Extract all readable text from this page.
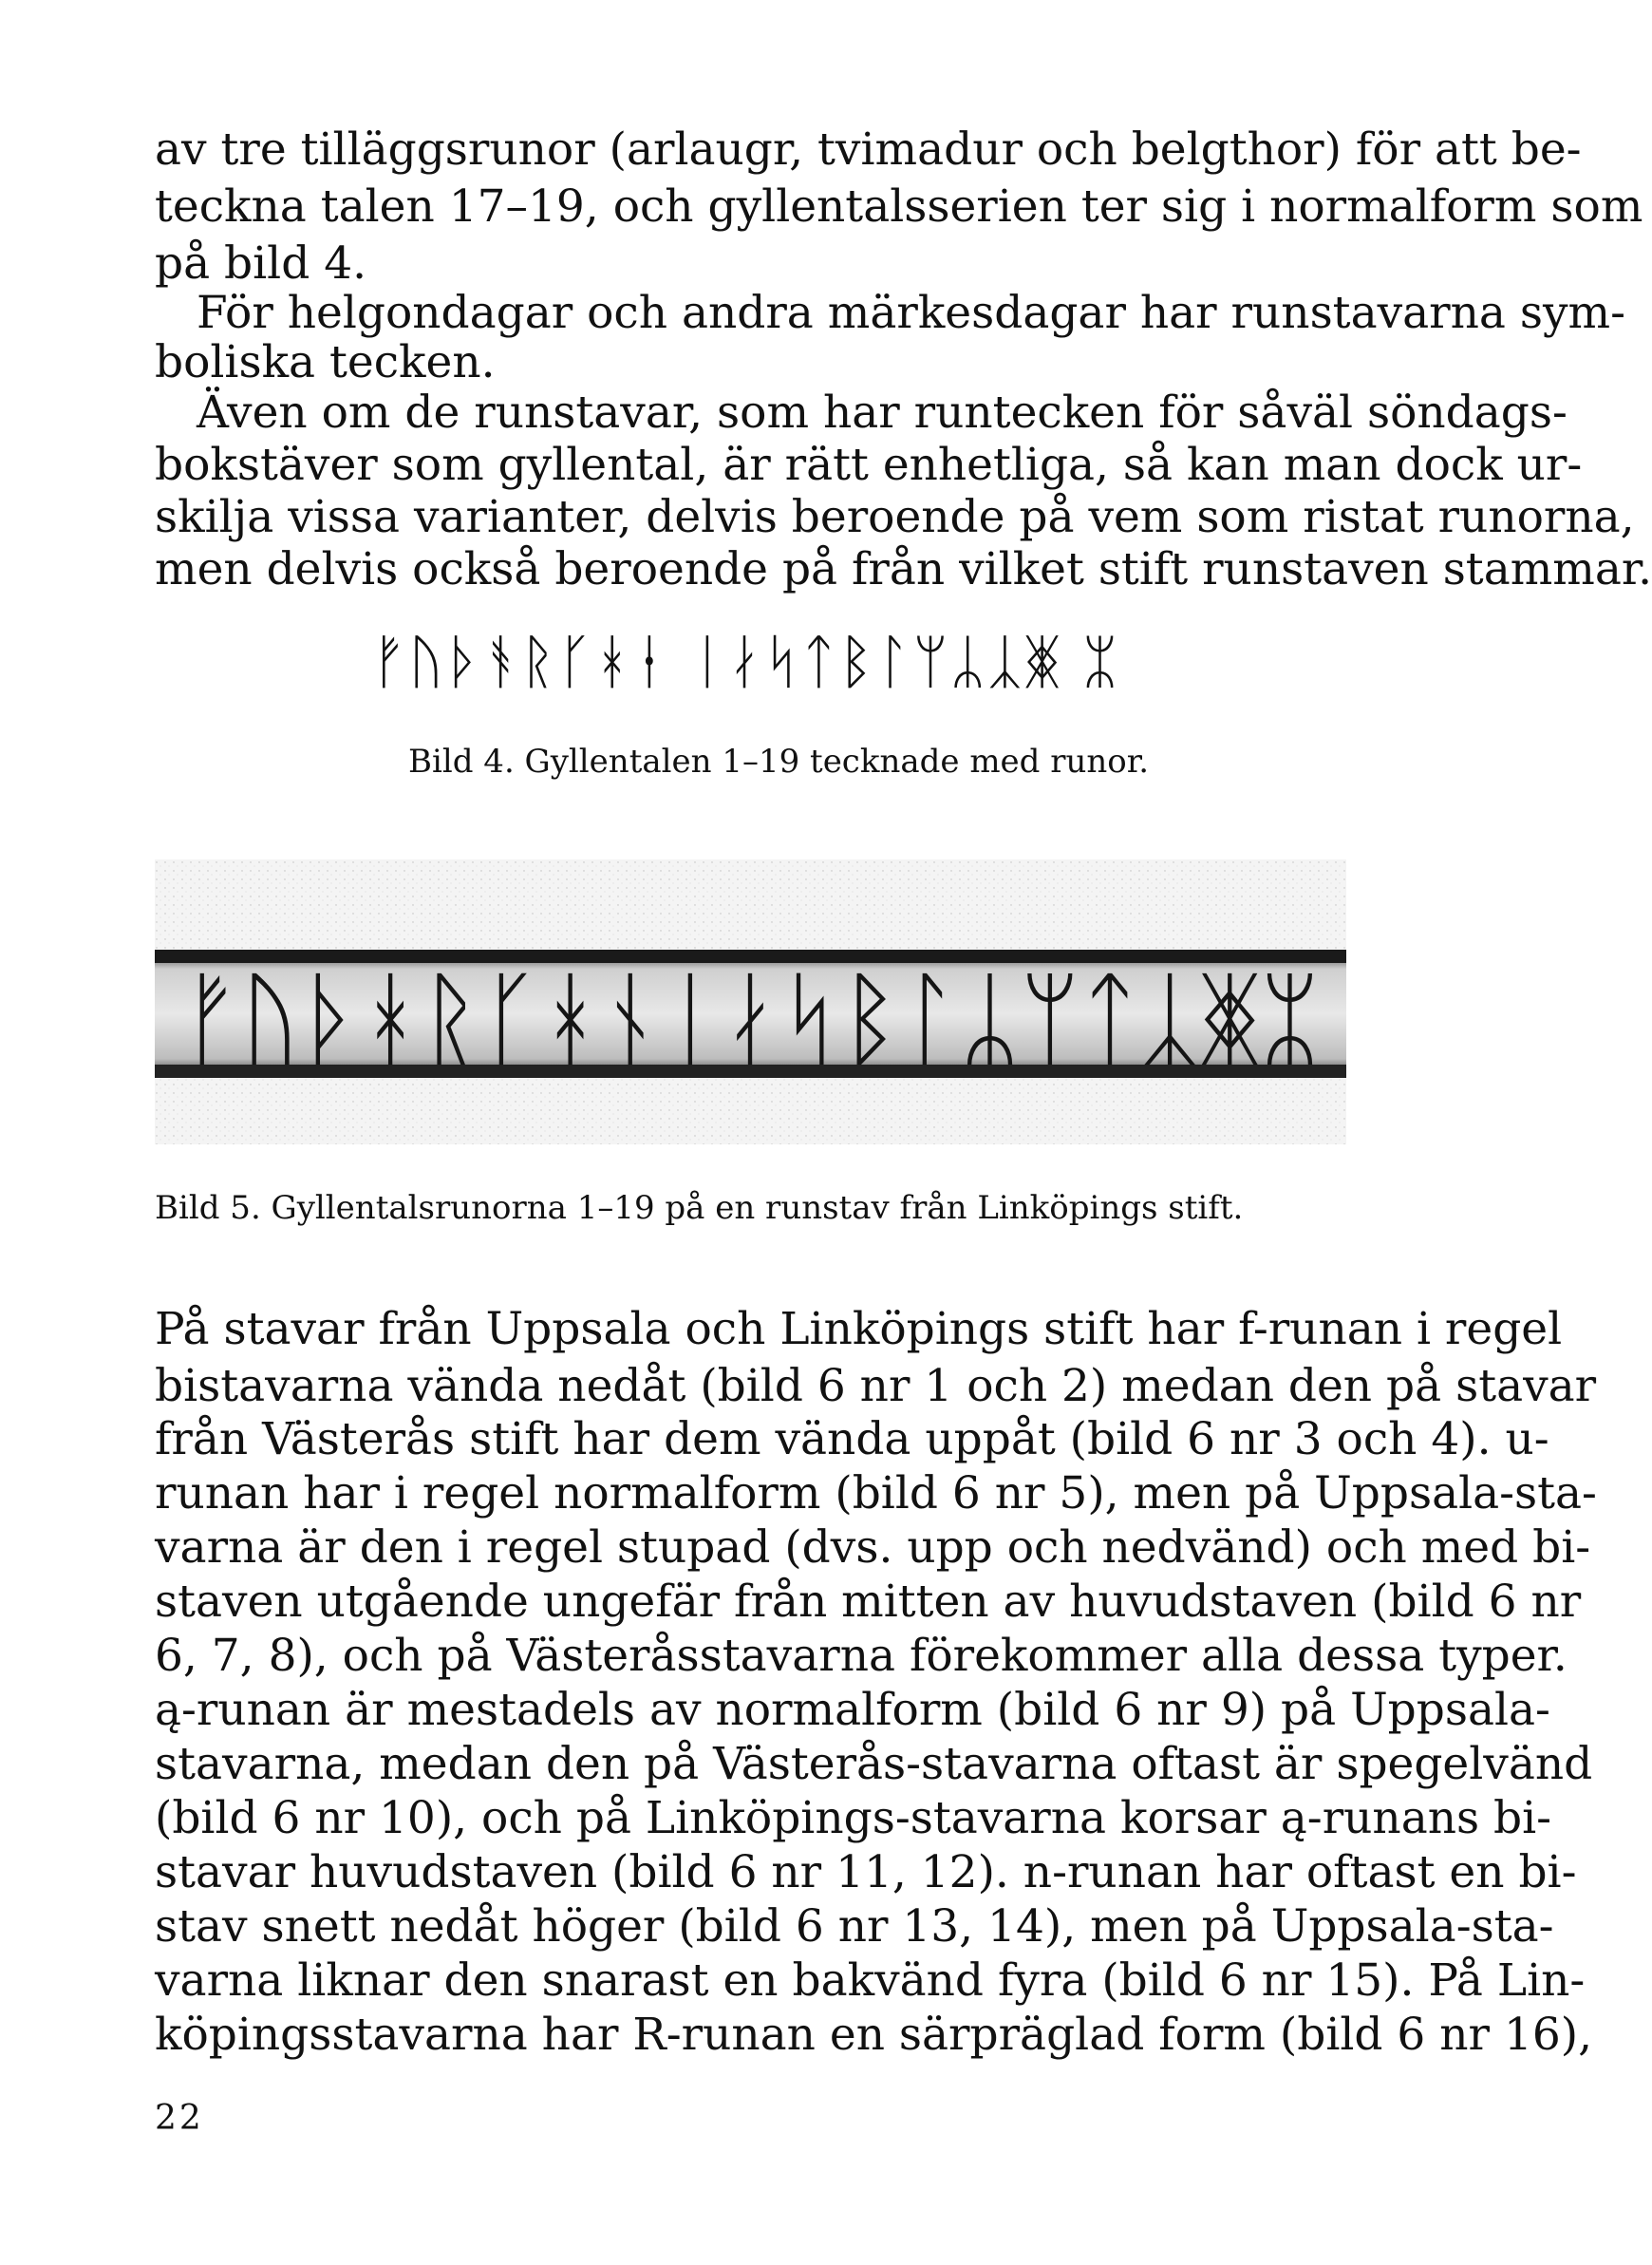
av tre tilläggsrunor (arlaugr, tvimadur och belgthor) för att be-
teckna talen 17–19, och gyllentalsserien ter sig i normalform som
på bild 4.
För helgondagar och andra märkesdagar har runstavarna sym-
boliska tecken.
Även om de runstavar, som har runtecken för såväl söndags-
bokstäver som gyllental, är rätt enhetliga, så kan man dock ur-
skilja vissa varianter, delvis beroende på vem som ristat runorna,
men delvis också beroende på från vilket stift runstaven stammar.
ᚠᚢᚦᚬᚱᚴᚼᚽ ᛁᛅᛋᛏᛒᛚᛘᛦᛣᛤ ᛯ
Bild 4. Gyllentalen 1–19 tecknade med runor.
ᚠᚢᚦᚼᚱᚴᚼᚾᛁᛅᛋᛒᛚᛦᛘᛏᛣᛤᛯ
Bild 5. Gyllentalsrunorna 1–19 på en runstav från Linköpings stift.
På stavar från Uppsala och Linköpings stift har f-runan i regel
bistavarna vända nedåt (bild 6 nr 1 och 2) medan den på stavar
från Västerås stift har dem vända uppåt (bild 6 nr 3 och 4). u-
runan har i regel normalform (bild 6 nr 5), men på Uppsala-sta-
varna är den i regel stupad (dvs. upp och nedvänd) och med bi-
staven utgående ungefär från mitten av huvudstaven (bild 6 nr
6, 7, 8), och på Västeråsstavarna förekommer alla dessa typer.
ą-runan är mestadels av normalform (bild 6 nr 9) på Uppsala-
stavarna, medan den på Västerås-stavarna oftast är spegelvänd
(bild 6 nr 10), och på Linköpings-stavarna korsar ą-runans bi-
stavar huvudstaven (bild 6 nr 11, 12). n-runan har oftast en bi-
stav snett nedåt höger (bild 6 nr 13, 14), men på Uppsala-sta-
varna liknar den snarast en bakvänd fyra (bild 6 nr 15). På Lin-
köpingsstavarna har R-runan en särpräglad form (bild 6 nr 16),
22
